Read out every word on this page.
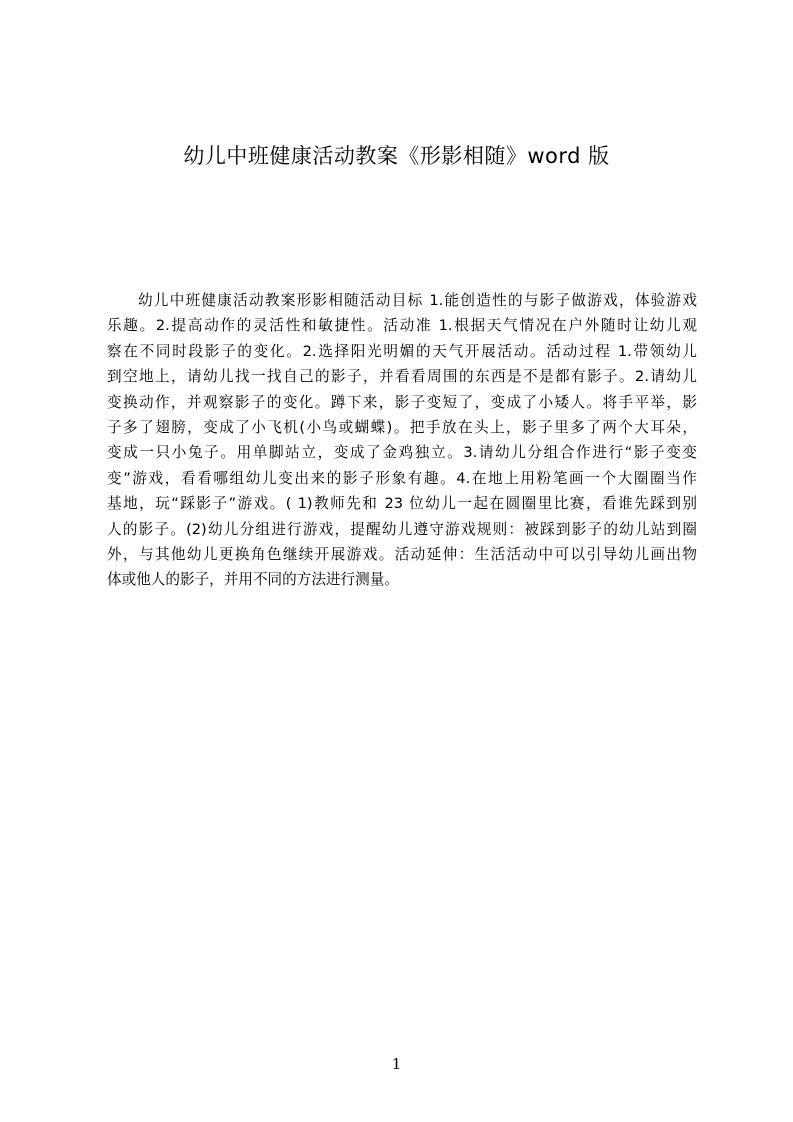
幼儿中班健康活动教案《形影相随》word 版
幼儿中班健康活动教案形影相随活动目标 1.能创造性的与影子做游戏，体验游戏
乐趣。2.提高动作的灵活性和敏捷性。活动准 1.根据天气情况在户外随时让幼儿观
察在不同时段影子的变化。2.选择阳光明媚的天气开展活动。活动过程 1.带领幼儿
到空地上，请幼儿找一找自己的影子，并看看周围的东西是不是都有影子。2.请幼儿
变换动作，并观察影子的变化。蹲下来，影子变短了，变成了小矮人。将手平举，影
子多了翅膀，变成了小飞机(小鸟或蝴蝶)。把手放在头上，影子里多了两个大耳朵，
变成一只小兔子。用单脚站立，变成了金鸡独立。3.请幼儿分组合作进行“影子变变
变”游戏，看看哪组幼儿变出来的影子形象有趣。4.在地上用粉笔画一个大圈圈当作
基地，玩“踩影子”游戏。( 1)教师先和 23 位幼儿一起在圆圈里比赛，看谁先踩到别
人的影子。(2)幼儿分组进行游戏，提醒幼儿遵守游戏规则：被踩到影子的幼儿站到圈
外，与其他幼儿更换角色继续开展游戏。活动延伸：生活活动中可以引导幼儿画出物
体或他人的影子，并用不同的方法进行测量。
1
